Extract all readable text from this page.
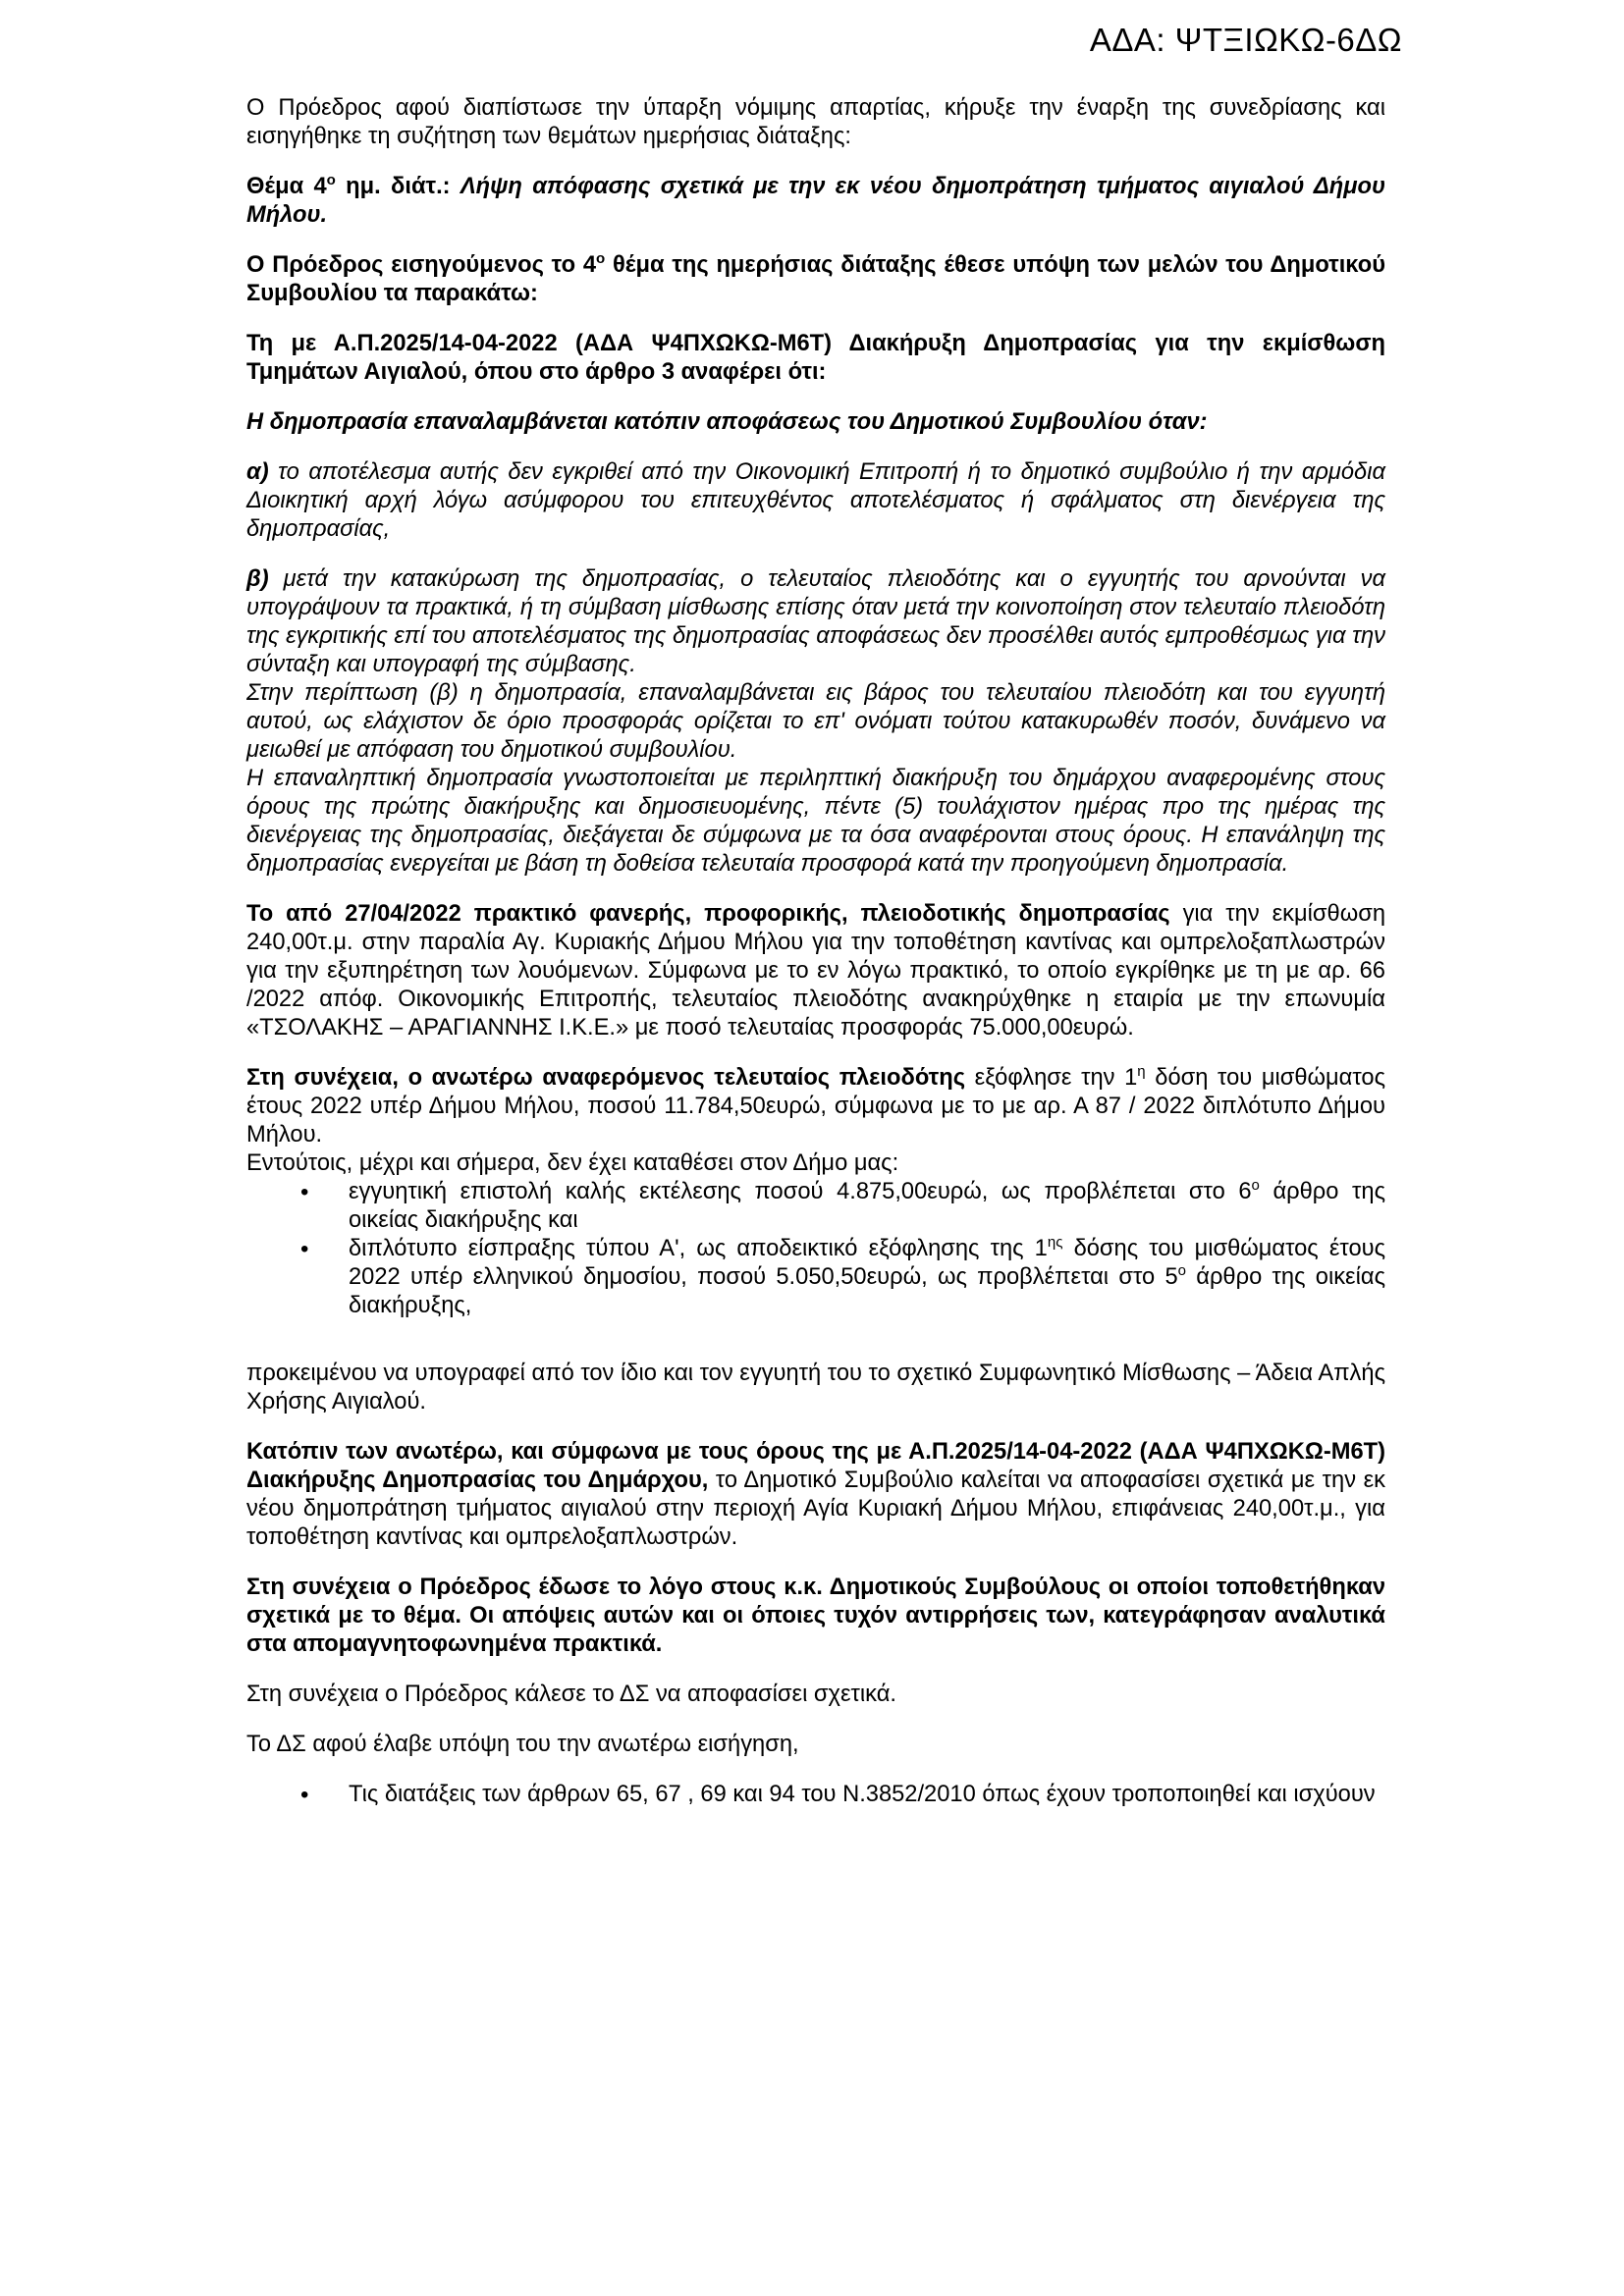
ΑΔΑ: ΨΤΞΙΩΚΩ-6ΔΩ

Ο Πρόεδρος αφού διαπίστωσε την ύπαρξη νόμιμης απαρτίας, κήρυξε την έναρξη της συνεδρίασης και εισηγήθηκε τη συζήτηση των θεμάτων ημερήσιας διάταξης:

Θέμα $4^o$ ημ. διάτ.: Λήψη απόφασης σχετικά με την εκ νέου δημοπράτηση τμήματος αιγιαλού Δήμου Μήλου.

Ο Πρόεδρος εισηγούμενος το $4^o$ θέμα της ημερήσιας διάταξης έθεσε υπόψη των μελών του Δημοτικού Συμβουλίου τα παρακάτω:

Τη με Α.Π.2025/14-04-2022 (ΑΔΑ Ψ4ΠΧΩΚΩ-Μ6Τ) Διακήρυξη Δημοπρασίας για την εκμίσθωση Τμημάτων Αιγιαλού, όπου στο άρθρο 3 αναφέρει ότι:

Η δημοπρασία επαναλαμβάνεται κατόπιν αποφάσεως του Δημοτικού Συμβουλίου όταν:

α) το αποτέλεσμα αυτής δεν εγκριθεί από την Οικονομική Επιτροπή ή το δημοτικό συμβούλιο ή την αρμόδια Διοικητική αρχή λόγω ασύμφορου του επιτευχθέντος αποτελέσματος ή σφάλματος στη διενέργεια της δημοπρασίας,

β) μετά την κατακύρωση της δημοπρασίας, ο τελευταίος πλειοδότης και ο εγγυητής του αρνούνται να υπογράψουν τα πρακτικά, ή τη σύμβαση μίσθωσης επίσης όταν μετά την κοινοποίηση στον τελευταίο πλειοδότη της εγκριτικής επί του αποτελέσματος της δημοπρασίας αποφάσεως δεν προσέλθει αυτός εμπροθέσμως για την σύνταξη και υπογραφή της σύμβασης.
Στην περίπτωση (β) η δημοπρασία, επαναλαμβάνεται εις βάρος του τελευταίου πλειοδότη και του εγγυητή αυτού, ως ελάχιστον δε όριο προσφοράς ορίζεται το επ' ονόματι τούτου κατακυρωθέν ποσόν, δυνάμενο να μειωθεί με απόφαση του δημοτικού συμβουλίου.
Η επαναληπτική δημοπρασία γνωστοποιείται με περιληπτική διακήρυξη του δημάρχου αναφερομένης στους όρους της πρώτης διακήρυξης και δημοσιευομένης, πέντε (5) τουλάχιστον ημέρας προ της ημέρας της διενέργειας της δημοπρασίας, διεξάγεται δε σύμφωνα με τα όσα αναφέρονται στους όρους. Η επανάληψη της δημοπρασίας ενεργείται με βάση τη δοθείσα τελευταία προσφορά κατά την προηγούμενη δημοπρασία.

Το από 27/04/2022 πρακτικό φανερής, προφορικής, πλειοδοτικής δημοπρασίας για την εκμίσθωση 240,00τ.μ. στην παραλία Αγ. Κυριακής Δήμου Μήλου για την τοποθέτηση καντίνας και ομπρελοξαπλωστρών για την εξυπηρέτηση των λουόμενων. Σύμφωνα με το εν λόγω πρακτικό, το οποίο εγκρίθηκε με τη με αρ. 66 /2022 απόφ. Οικονομικής Επιτροπής, τελευταίος πλειοδότης ανακηρύχθηκε η εταιρία με την επωνυμία «ΤΣΟΛΑΚΗΣ – ΑΡΑΓΙΑΝΝΗΣ Ι.Κ.Ε.» με ποσό τελευταίας προσφοράς 75.000,00ευρώ.

Στη συνέχεια, ο ανωτέρω αναφερόμενος τελευταίος πλειοδότης εξόφλησε την $1^\eta$ δόση του μισθώματος έτους 2022 υπέρ Δήμου Μήλου, ποσού 11.784,50ευρώ, σύμφωνα με το με αρ. Α 87 / 2022 διπλότυπο Δήμου Μήλου.
Εντούτοις, μέχρι και σήμερα, δεν έχει καταθέσει στον Δήμο μας:
• εγγυητική επιστολή καλής εκτέλεσης ποσού 4.875,00ευρώ, ως προβλέπεται στο $6^o$ άρθρο της οικείας διακήρυξης και
• διπλότυπο είσπραξης τύπου Α', ως αποδεικτικό εξόφλησης της $1^{\eta\varsigma}$ δόσης του μισθώματος έτους 2022 υπέρ ελληνικού δημοσίου, ποσού 5.050,50ευρώ, ως προβλέπεται στο $5^o$ άρθρο της οικείας διακήρυξης,

προκειμένου να υπογραφεί από τον ίδιο και τον εγγυητή του το σχετικό Συμφωνητικό Μίσθωσης – Άδεια Απλής Χρήσης Αιγιαλού.

Κατόπιν των ανωτέρω, και σύμφωνα με τους όρους της με Α.Π.2025/14-04-2022 (ΑΔΑ Ψ4ΠΧΩΚΩ-Μ6Τ) Διακήρυξης Δημοπρασίας του Δημάρχου, το Δημοτικό Συμβούλιο καλείται να αποφασίσει σχετικά με την εκ νέου δημοπράτηση τμήματος αιγιαλού στην περιοχή Αγία Κυριακή Δήμου Μήλου, επιφάνειας 240,00τ.μ., για τοποθέτηση καντίνας και ομπρελοξαπλωστρών.

Στη συνέχεια ο Πρόεδρος έδωσε το λόγο στους κ.κ. Δημοτικούς Συμβούλους οι οποίοι τοποθετήθηκαν σχετικά με το θέμα. Οι απόψεις αυτών και οι όποιες τυχόν αντιρρήσεις των, κατεγράφησαν αναλυτικά στα απομαγνητοφωνημένα πρακτικά.

Στη συνέχεια ο Πρόεδρος κάλεσε το ΔΣ να αποφασίσει σχετικά.

Το ΔΣ αφού έλαβε υπόψη του την ανωτέρω εισήγηση,

• Τις διατάξεις των άρθρων 65, 67 , 69 και 94 του Ν.3852/2010 όπως έχουν τροποποιηθεί και ισχύουν
